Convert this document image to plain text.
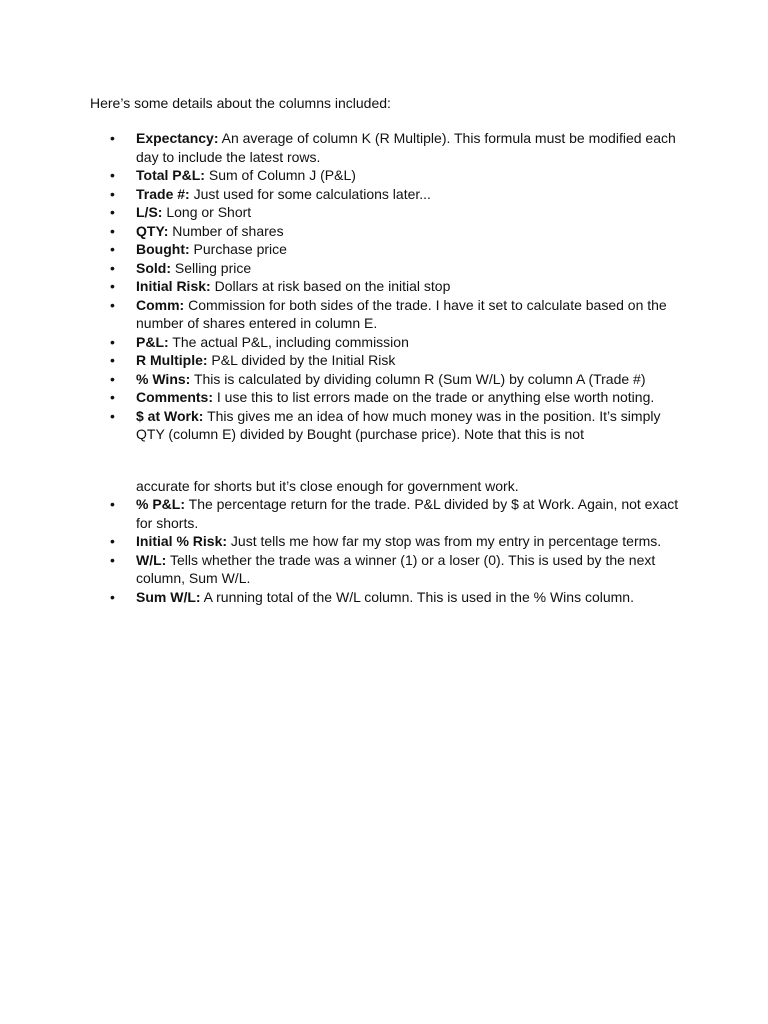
Here’s some details about the columns included:

• Expectancy: An average of column K (R Multiple). This formula must be modified each day to include the latest rows.
• Total P&L: Sum of Column J (P&L)
• Trade #: Just used for some calculations later...
• L/S: Long or Short
• QTY: Number of shares
• Bought: Purchase price
• Sold: Selling price
• Initial Risk: Dollars at risk based on the initial stop
• Comm: Commission for both sides of the trade. I have it set to calculate based on the number of shares entered in column E.
• P&L: The actual P&L, including commission
• R Multiple: P&L divided by the Initial Risk
• % Wins: This is calculated by dividing column R (Sum W/L) by column A (Trade #)
• Comments: I use this to list errors made on the trade or anything else worth noting.
• $ at Work: This gives me an idea of how much money was in the position. It’s simply QTY (column E) divided by Bought (purchase price). Note that this is not
accurate for shorts but it’s close enough for government work.
• % P&L: The percentage return for the trade. P&L divided by $ at Work. Again, not exact for shorts.
• Initial % Risk: Just tells me how far my stop was from my entry in percentage terms.
• W/L: Tells whether the trade was a winner (1) or a loser (0). This is used by the next column, Sum W/L.
• Sum W/L: A running total of the W/L column. This is used in the % Wins column.
